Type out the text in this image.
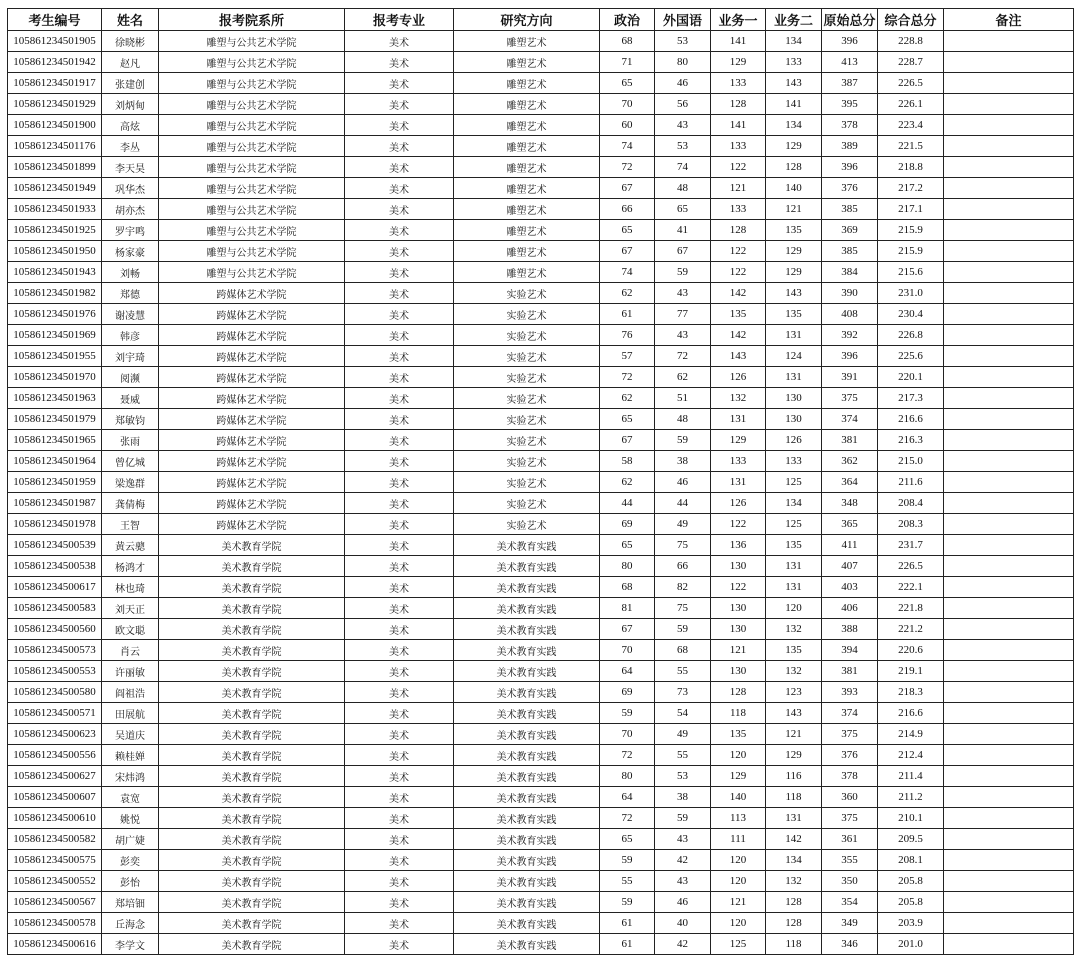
考生编号	姓名	报考院系所	报考专业	研究方向	政治	外国语	业务一	业务二	原始总分	综合总分	备注
105861234501905	徐晓彬	雕塑与公共艺术学院	美术	雕塑艺术	68	53	141	134	396	228.8	
105861234501942	赵凡	雕塑与公共艺术学院	美术	雕塑艺术	71	80	129	133	413	228.7	
105861234501917	张建创	雕塑与公共艺术学院	美术	雕塑艺术	65	46	133	143	387	226.5	
105861234501929	刘炳甸	雕塑与公共艺术学院	美术	雕塑艺术	70	56	128	141	395	226.1	
105861234501900	高炫	雕塑与公共艺术学院	美术	雕塑艺术	60	43	141	134	378	223.4	
105861234501176	李丛	雕塑与公共艺术学院	美术	雕塑艺术	74	53	133	129	389	221.5	
105861234501899	李天昊	雕塑与公共艺术学院	美术	雕塑艺术	72	74	122	128	396	218.8	
105861234501949	巩华杰	雕塑与公共艺术学院	美术	雕塑艺术	67	48	121	140	376	217.2	
105861234501933	胡亦杰	雕塑与公共艺术学院	美术	雕塑艺术	66	65	133	121	385	217.1	
105861234501925	罗宇鸣	雕塑与公共艺术学院	美术	雕塑艺术	65	41	128	135	369	215.9	
105861234501950	杨家豪	雕塑与公共艺术学院	美术	雕塑艺术	67	67	122	129	385	215.9	
105861234501943	刘畅	雕塑与公共艺术学院	美术	雕塑艺术	74	59	122	129	384	215.6	
105861234501982	郑德	跨媒体艺术学院	美术	实验艺术	62	43	142	143	390	231.0	
105861234501976	谢凌慧	跨媒体艺术学院	美术	实验艺术	61	77	135	135	408	230.4	
105861234501969	韩彦	跨媒体艺术学院	美术	实验艺术	76	43	142	131	392	226.8	
105861234501955	刘宇琦	跨媒体艺术学院	美术	实验艺术	57	72	143	124	396	225.6	
105861234501970	阅濒	跨媒体艺术学院	美术	实验艺术	72	62	126	131	391	220.1	
105861234501963	聂威	跨媒体艺术学院	美术	实验艺术	62	51	132	130	375	217.3	
105861234501979	郑敏钧	跨媒体艺术学院	美术	实验艺术	65	48	131	130	374	216.6	
105861234501965	张雨	跨媒体艺术学院	美术	实验艺术	67	59	129	126	381	216.3	
105861234501964	曾亿城	跨媒体艺术学院	美术	实验艺术	58	38	133	133	362	215.0	
105861234501959	梁逸群	跨媒体艺术学院	美术	实验艺术	62	46	131	125	364	211.6	
105861234501987	龚倩梅	跨媒体艺术学院	美术	实验艺术	44	44	126	134	348	208.4	
105861234501978	王智	跨媒体艺术学院	美术	实验艺术	69	49	122	125	365	208.3	
105861234500539	黄云骢	美术教育学院	美术	美术教育实践	65	75	136	135	411	231.7	
105861234500538	杨鸿才	美术教育学院	美术	美术教育实践	80	66	130	131	407	226.5	
105861234500617	林也琦	美术教育学院	美术	美术教育实践	68	82	122	131	403	222.1	
105861234500583	刘天正	美术教育学院	美术	美术教育实践	81	75	130	120	406	221.8	
105861234500560	欧文聪	美术教育学院	美术	美术教育实践	67	59	130	132	388	221.2	
105861234500573	肖云	美术教育学院	美术	美术教育实践	70	68	121	135	394	220.6	
105861234500553	许丽敏	美术教育学院	美术	美术教育实践	64	55	130	132	381	219.1	
105861234500580	阎祖浩	美术教育学院	美术	美术教育实践	69	73	128	123	393	218.3	
105861234500571	田展航	美术教育学院	美术	美术教育实践	59	54	118	143	374	216.6	
105861234500623	吴道庆	美术教育学院	美术	美术教育实践	70	49	135	121	375	214.9	
105861234500556	赖桂婵	美术教育学院	美术	美术教育实践	72	55	120	129	376	212.4	
105861234500627	宋炜鸿	美术教育学院	美术	美术教育实践	80	53	129	116	378	211.4	
105861234500607	袁宽	美术教育学院	美术	美术教育实践	64	38	140	118	360	211.2	
105861234500610	姚悦	美术教育学院	美术	美术教育实践	72	59	113	131	375	210.1	
105861234500582	胡广婕	美术教育学院	美术	美术教育实践	65	43	111	142	361	209.5	
105861234500575	彭奕	美术教育学院	美术	美术教育实践	59	42	120	134	355	208.1	
105861234500552	彭怡	美术教育学院	美术	美术教育实践	55	43	120	132	350	205.8	
105861234500567	郑培钿	美术教育学院	美术	美术教育实践	59	46	121	128	354	205.8	
105861234500578	丘海念	美术教育学院	美术	美术教育实践	61	40	120	128	349	203.9	
105861234500616	李学文	美术教育学院	美术	美术教育实践	61	42	125	118	346	201.0	
